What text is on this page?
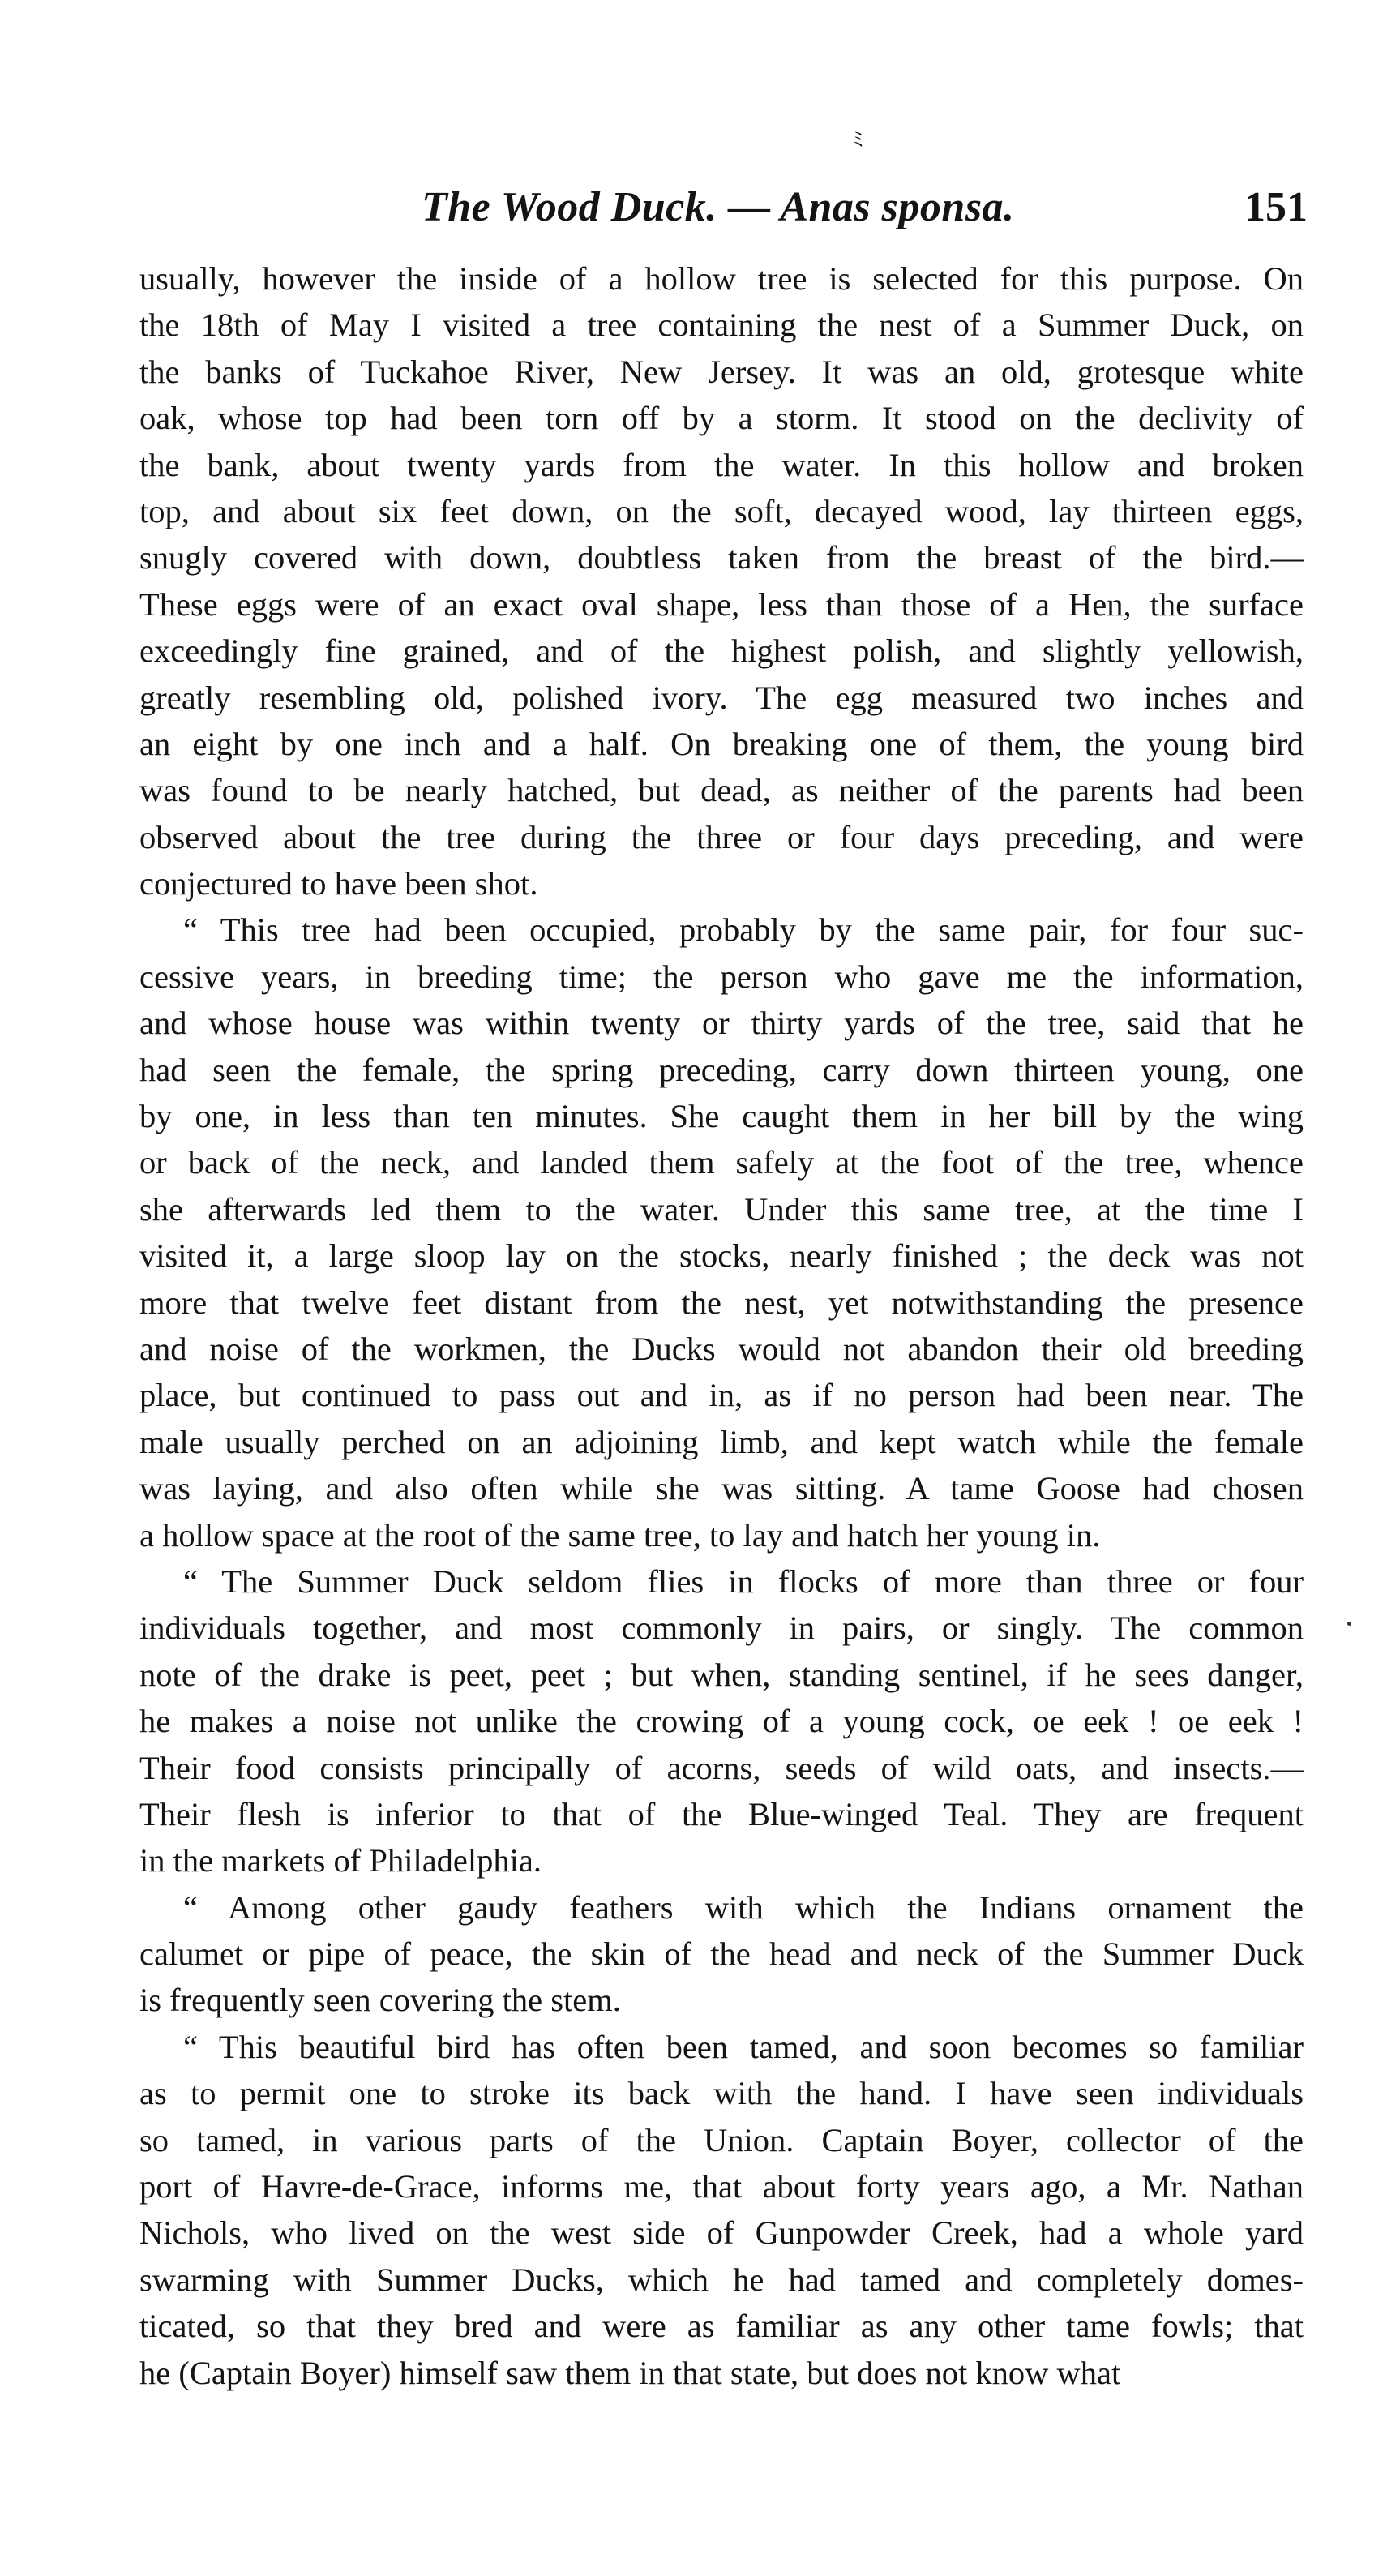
ﾐ
The Wood Duck. — Anas sponsa.	151
usually, however the inside of a hollow tree is selected for this purpose. On
the 18th of May I visited a tree containing the nest of a Summer Duck, on
the banks of Tuckahoe River, New Jersey. It was an old, grotesque white
oak, whose top had been torn off by a storm. It stood on the declivity of
the bank, about twenty yards from the water. In this hollow and broken
top, and about six feet down, on the soft, decayed wood, lay thirteen eggs,
snugly covered with down, doubtless taken from the breast of the bird.—
These eggs were of an exact oval shape, less than those of a Hen, the surface
exceedingly fine grained, and of the highest polish, and slightly yellowish,
greatly resembling old, polished ivory. The egg measured two inches and
an eight by one inch and a half. On breaking one of them, the young bird
was found to be nearly hatched, but dead, as neither of the parents had been
observed about the tree during the three or four days preceding, and were
conjectured to have been shot.
“ This tree had been occupied, probably by the same pair, for four suc-
cessive years, in breeding time; the person who gave me the information,
and whose house was within twenty or thirty yards of the tree, said that he
had seen the female, the spring preceding, carry down thirteen young, one
by one, in less than ten minutes. She caught them in her bill by the wing
or back of the neck, and landed them safely at the foot of the tree, whence
she afterwards led them to the water. Under this same tree, at the time I
visited it, a large sloop lay on the stocks, nearly finished ; the deck was not
more that twelve feet distant from the nest, yet notwithstanding the presence
and noise of the workmen, the Ducks would not abandon their old breeding
place, but continued to pass out and in, as if no person had been near. The
male usually perched on an adjoining limb, and kept watch while the female
was laying, and also often while she was sitting. A tame Goose had chosen
a hollow space at the root of the same tree, to lay and hatch her young in.
“ The Summer Duck seldom flies in flocks of more than three or four
individuals together, and most commonly in pairs, or singly. The common
note of the drake is peet, peet ; but when, standing sentinel, if he sees danger,
he makes a noise not unlike the crowing of a young cock, oe eek ! oe eek !
Their food consists principally of acorns, seeds of wild oats, and insects.—
Their flesh is inferior to that of the Blue-winged Teal. They are frequent
in the markets of Philadelphia.
“ Among other gaudy feathers with which the Indians ornament the
calumet or pipe of peace, the skin of the head and neck of the Summer Duck
is frequently seen covering the stem.
“ This beautiful bird has often been tamed, and soon becomes so familiar
as to permit one to stroke its back with the hand. I have seen individuals
so tamed, in various parts of the Union. Captain Boyer, collector of the
port of Havre-de-Grace, informs me, that about forty years ago, a Mr. Nathan
Nichols, who lived on the west side of Gunpowder Creek, had a whole yard
swarming with Summer Ducks, which he had tamed and completely domes-
ticated, so that they bred and were as familiar as any other tame fowls; that
he (Captain Boyer) himself saw them in that state, but does not know what
